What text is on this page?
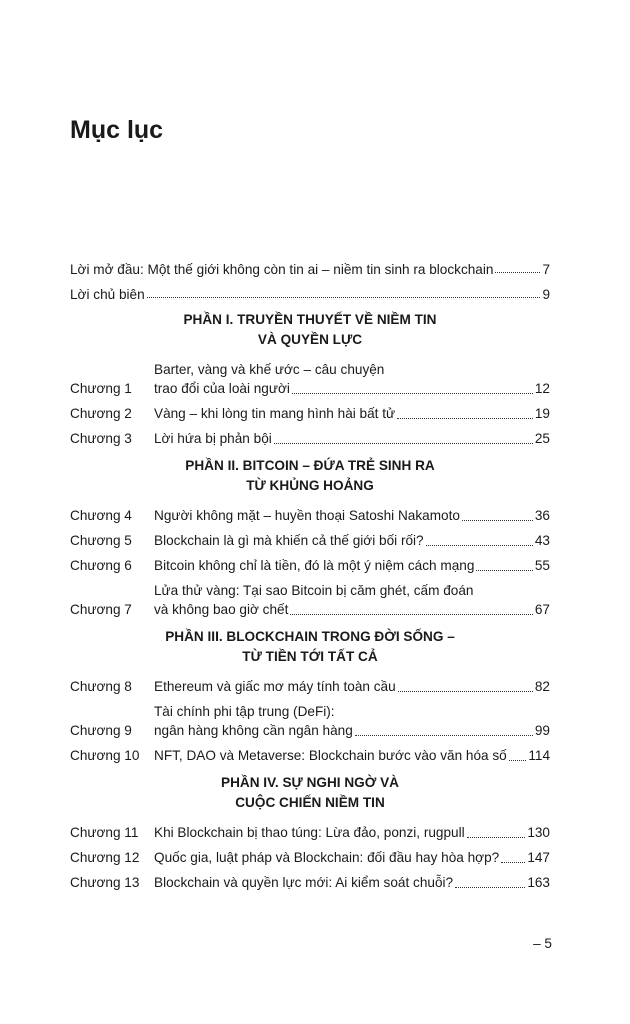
Mục lục
Lời mở đầu: Một thế giới không còn tin ai – niềm tin sinh ra blockchain	7
Lời chủ biên	9
PHẦN I. TRUYỀN THUYẾT VỀ NIỀM TIN
VÀ QUYỀN LỰC
Chương 1
Barter, vàng và khế ước – câu chuyện
trao đổi của loài người	12
Chương 2	Vàng – khi lòng tin mang hình hài bất tử	19
Chương 3	Lời hứa bị phản bội	25
PHẦN II. BITCOIN – ĐỨA TRẺ SINH RA
TỪ KHỦNG HOẢNG
Chương 4	Người không mặt – huyền thoại Satoshi Nakamoto	36
Chương 5	Blockchain là gì mà khiến cả thế giới bối rối?	43
Chương 6	Bitcoin không chỉ là tiền, đó là một ý niệm cách mạng	55
Chương 7
Lửa thử vàng: Tại sao Bitcoin bị căm ghét, cấm đoán
và không bao giờ chết	67
PHẦN III. BLOCKCHAIN TRONG ĐỜI SỐNG –
TỪ TIỀN TỚI TẤT CẢ
Chương 8	Ethereum và giấc mơ máy tính toàn cầu	82
Chương 9
Tài chính phi tập trung (DeFi):
ngân hàng không cần ngân hàng	99
Chương 10	NFT, DAO và Metaverse: Blockchain bước vào văn hóa số 114
PHẦN IV. SỰ NGHI NGỜ VÀ
CUỘC CHIẾN NIỀM TIN
Chương 11	Khi Blockchain bị thao túng: Lừa đảo, ponzi, rugpull	130
Chương 12	Quốc gia, luật pháp và Blockchain: đối đầu hay hòa hợp? 147
Chương 13	Blockchain và quyền lực mới: Ai kiểm soát chuỗi?	163
– 5
